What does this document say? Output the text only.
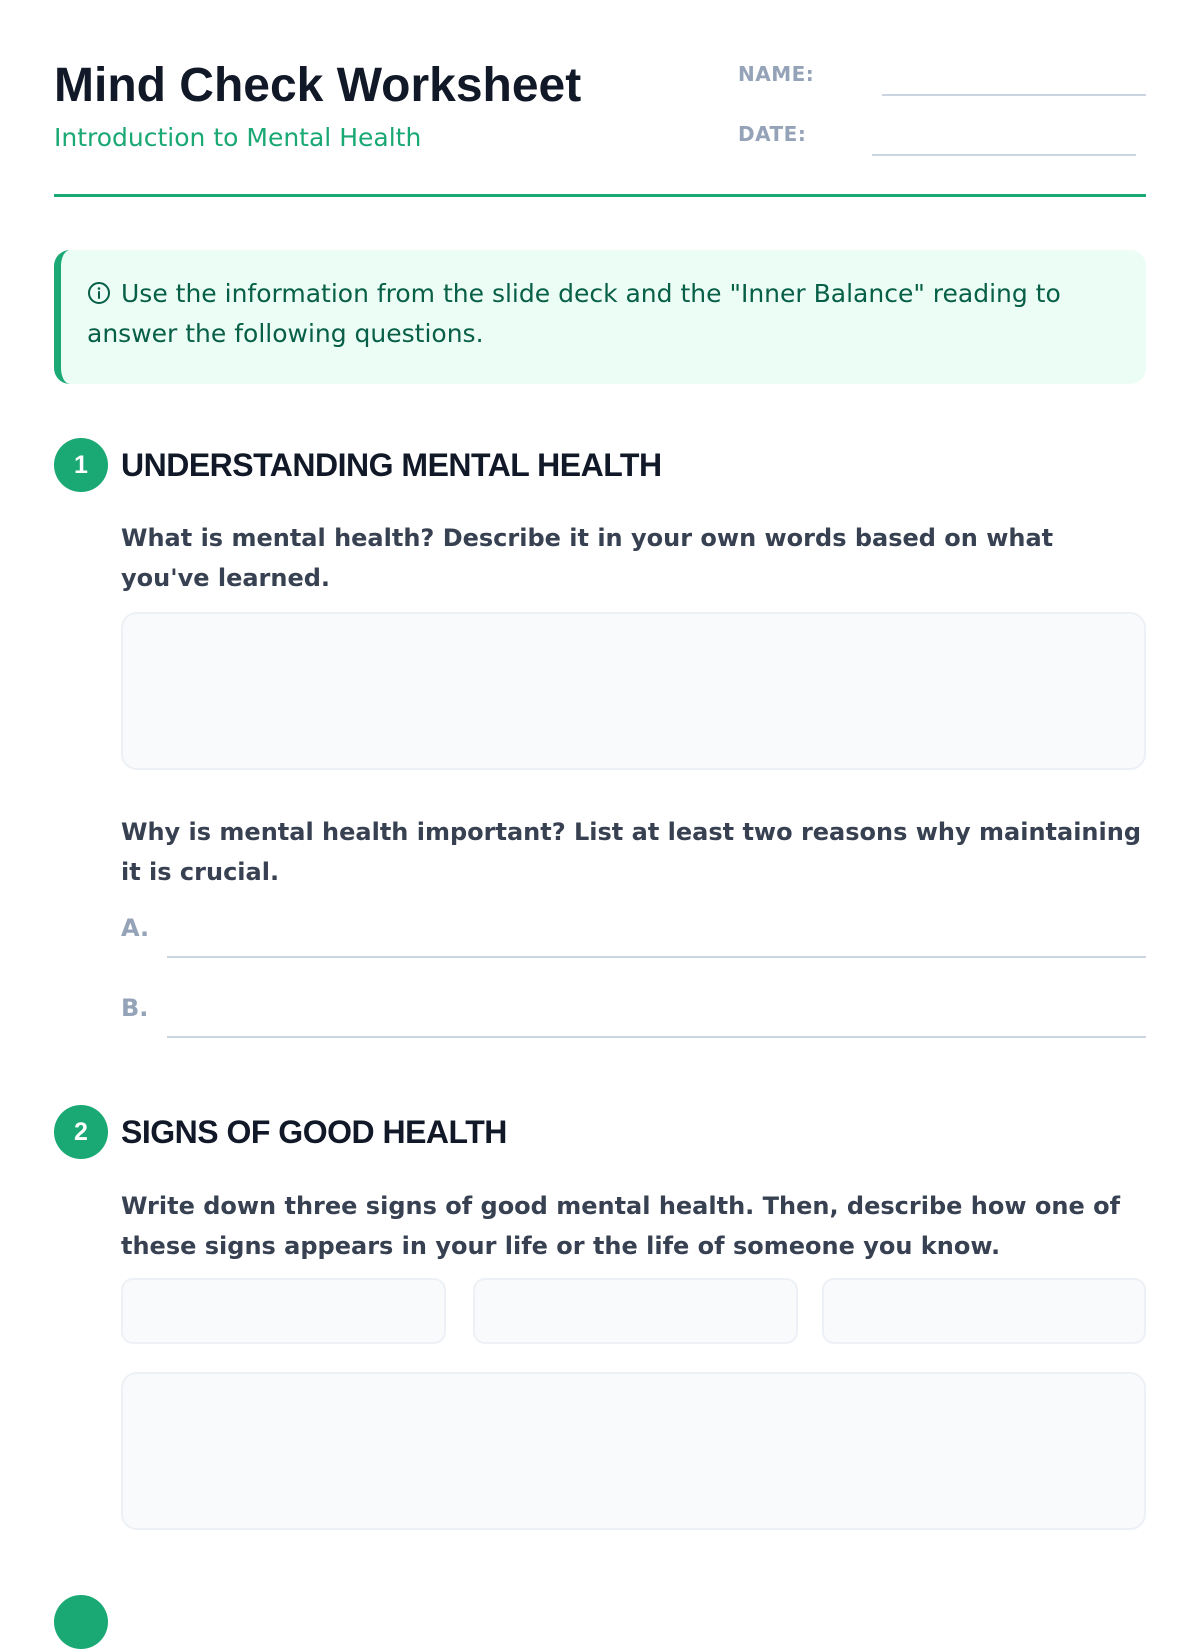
Mind Check Worksheet

Introduction to Mental Health

NAME:
DATE:

Use the information from the slide deck and the "Inner Balance" reading to answer the following questions.

1	UNDERSTANDING MENTAL HEALTH

What is mental health? Describe it in your own words based on what you've learned.

Why is mental health important? List at least two reasons why maintaining it is crucial.

A.
B.
2	SIGNS OF GOOD HEALTH

Write down three signs of good mental health. Then, describe how one of these signs appears in your life or the life of someone you know.
